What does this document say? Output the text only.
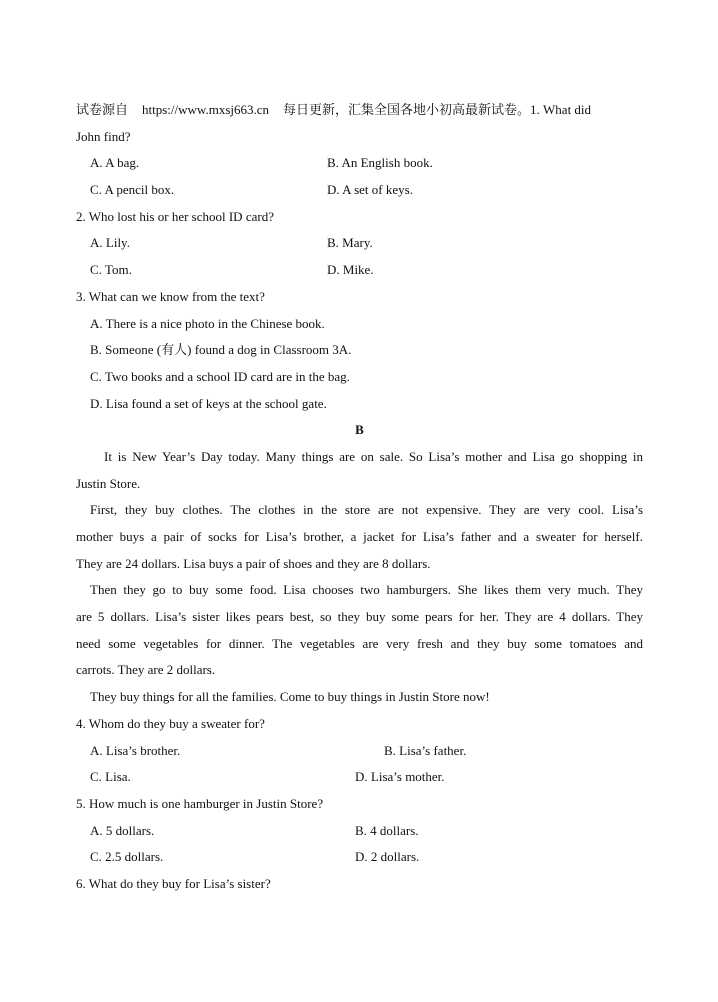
试卷源自 https://www.mxsj663.cn 每日更新，汇集全国各地小初高最新试卷。1. What did
John find?
A. A bag.	B. An English book.
C. A pencil box.	D. A set of keys.
2. Who lost his or her school ID card?
A. Lily.	B. Mary.
C. Tom.	D. Mike.
3. What can we know from the text?
A. There is a nice photo in the Chinese book.
B. Someone (有人) found a dog in Classroom 3A.
C. Two books and a school ID card are in the bag.
D. Lisa found a set of keys at the school gate.
B
It is New Year’s Day today. Many things are on sale. So Lisa’s mother and Lisa go shopping in
Justin Store.
First, they buy clothes. The clothes in the store are not expensive. They are very cool. Lisa’s
mother buys a pair of socks for Lisa’s brother, a jacket for Lisa’s father and a sweater for herself.
They are 24 dollars. Lisa buys a pair of shoes and they are 8 dollars.
Then they go to buy some food. Lisa chooses two hamburgers. She likes them very much. They
are 5 dollars. Lisa’s sister likes pears best, so they buy some pears for her. They are 4 dollars. They
need some vegetables for dinner. The vegetables are very fresh and they buy some tomatoes and
carrots. They are 2 dollars.
They buy things for all the families. Come to buy things in Justin Store now!
4. Whom do they buy a sweater for?
A. Lisa’s brother.	B. Lisa’s father.
C. Lisa.	D. Lisa’s mother.
5. How much is one hamburger in Justin Store?
A. 5 dollars.	B. 4 dollars.
C. 2.5 dollars.	D. 2 dollars.
6. What do they buy for Lisa’s sister?
